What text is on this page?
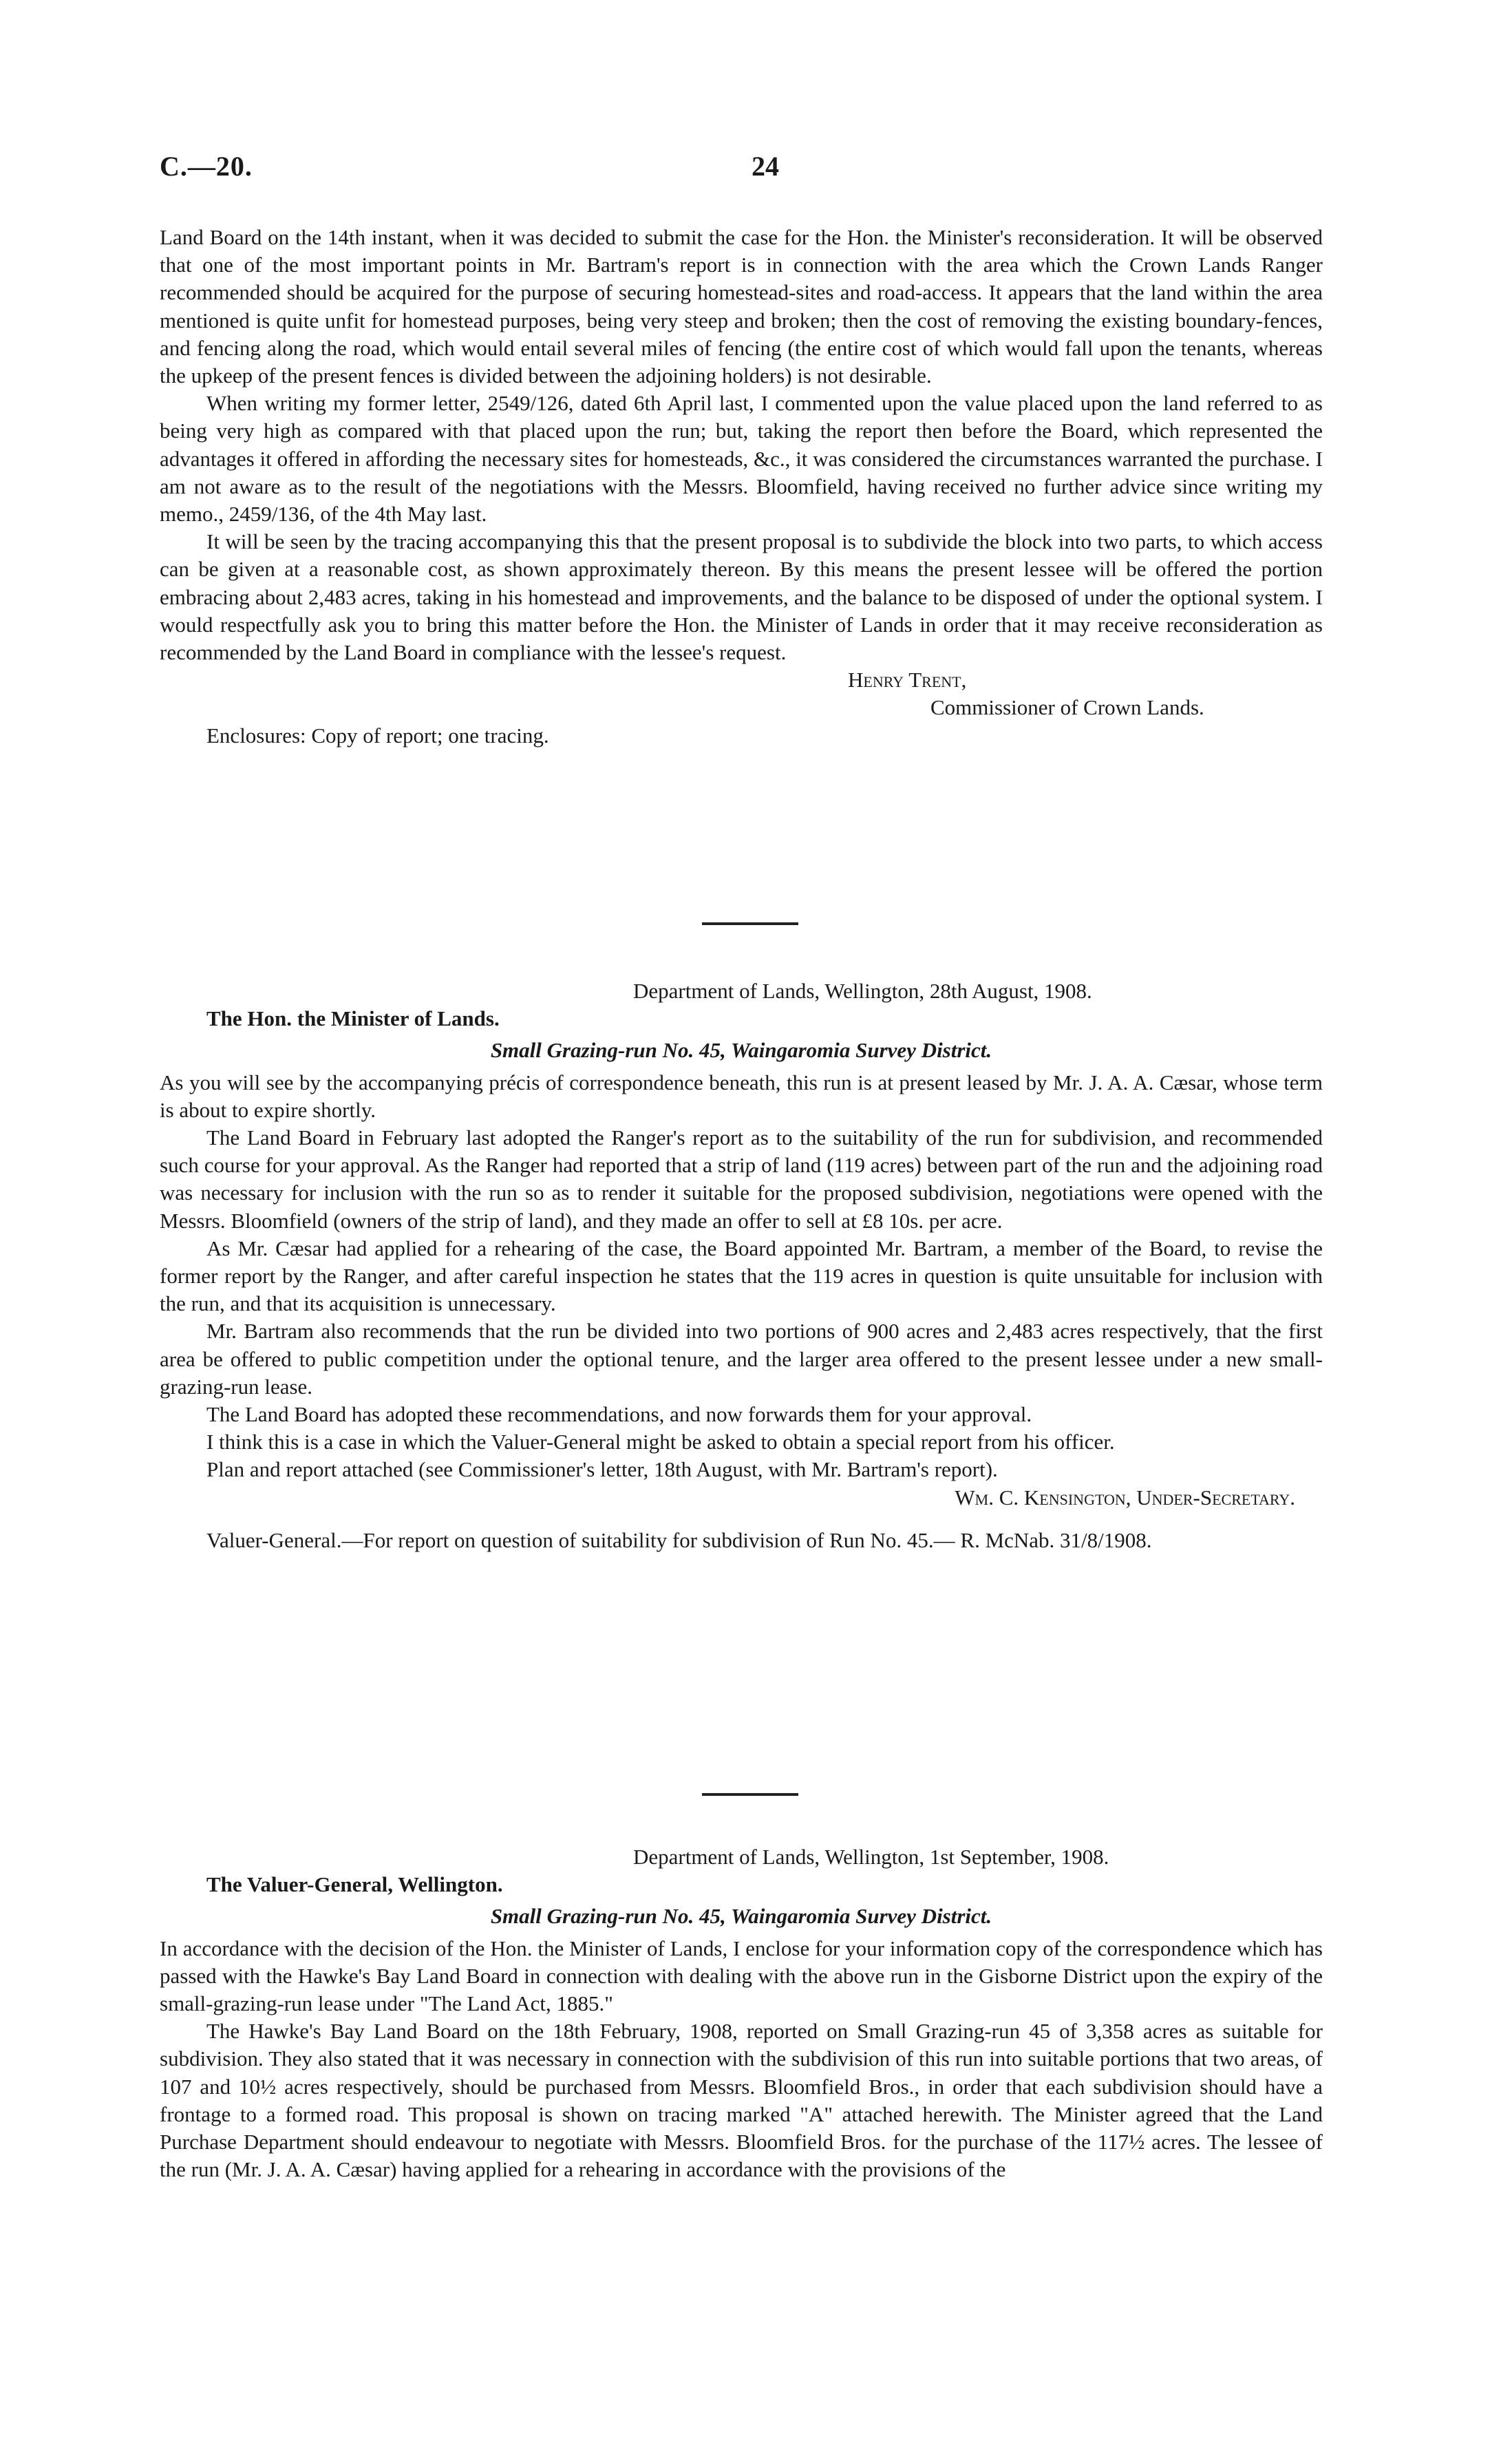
C.—20.	24

Land Board on the 14th instant, when it was decided to submit the case for the Hon. the Minister's reconsideration. It will be observed that one of the most important points in Mr. Bartram's report is in connection with the area which the Crown Lands Ranger recommended should be acquired for the purpose of securing homestead-sites and road-access. It appears that the land within the area mentioned is quite unfit for homestead purposes, being very steep and broken; then the cost of removing the existing boundary-fences, and fencing along the road, which would entail several miles of fencing (the entire cost of which would fall upon the tenants, whereas the upkeep of the present fences is divided between the adjoining holders) is not desirable.

When writing my former letter, 2549/126, dated 6th April last, I commented upon the value placed upon the land referred to as being very high as compared with that placed upon the run; but, taking the report then before the Board, which represented the advantages it offered in affording the necessary sites for homesteads, &c., it was considered the circumstances warranted the purchase. I am not aware as to the result of the negotiations with the Messrs. Bloomfield, having received no further advice since writing my memo., 2459/136, of the 4th May last.

It will be seen by the tracing accompanying this that the present proposal is to subdivide the block into two parts, to which access can be given at a reasonable cost, as shown approximately thereon. By this means the present lessee will be offered the portion embracing about 2,483 acres, taking in his homestead and improvements, and the balance to be disposed of under the optional system. I would respectfully ask you to bring this matter before the Hon. the Minister of Lands in order that it may receive reconsideration as recommended by the Land Board in compliance with the lessee's request.

Henry Trent,
Commissioner of Crown Lands.

Enclosures: Copy of report; one tracing.

Department of Lands, Wellington, 28th August, 1908.

The Hon. the Minister of Lands.

Small Grazing-run No. 45, Waingaromia Survey District.

As you will see by the accompanying précis of correspondence beneath, this run is at present leased by Mr. J. A. A. Cæsar, whose term is about to expire shortly.

The Land Board in February last adopted the Ranger's report as to the suitability of the run for subdivision, and recommended such course for your approval. As the Ranger had reported that a strip of land (119 acres) between part of the run and the adjoining road was necessary for inclusion with the run so as to render it suitable for the proposed subdivision, negotiations were opened with the Messrs. Bloomfield (owners of the strip of land), and they made an offer to sell at £8 10s. per acre.

As Mr. Cæsar had applied for a rehearing of the case, the Board appointed Mr. Bartram, a member of the Board, to revise the former report by the Ranger, and after careful inspection he states that the 119 acres in question is quite unsuitable for inclusion with the run, and that its acquisition is unnecessary.

Mr. Bartram also recommends that the run be divided into two portions of 900 acres and 2,483 acres respectively, that the first area be offered to public competition under the optional tenure, and the larger area offered to the present lessee under a new small-grazing-run lease.

The Land Board has adopted these recommendations, and now forwards them for your approval.

I think this is a case in which the Valuer-General might be asked to obtain a special report from his officer.

Plan and report attached (see Commissioner's letter, 18th August, with Mr. Bartram's report).

Wm. C. Kensington, Under-Secretary.

Valuer-General.—For report on question of suitability for subdivision of Run No. 45.— R. McNab. 31/8/1908.

Department of Lands, Wellington, 1st September, 1908.

The Valuer-General, Wellington.

Small Grazing-run No. 45, Waingaromia Survey District.

In accordance with the decision of the Hon. the Minister of Lands, I enclose for your information copy of the correspondence which has passed with the Hawke's Bay Land Board in connection with dealing with the above run in the Gisborne District upon the expiry of the small-grazing-run lease under "The Land Act, 1885."

The Hawke's Bay Land Board on the 18th February, 1908, reported on Small Grazing-run 45 of 3,358 acres as suitable for subdivision. They also stated that it was necessary in connection with the subdivision of this run into suitable portions that two areas, of 107 and 10½ acres respectively, should be purchased from Messrs. Bloomfield Bros., in order that each subdivision should have a frontage to a formed road. This proposal is shown on tracing marked "A" attached herewith. The Minister agreed that the Land Purchase Department should endeavour to negotiate with Messrs. Bloomfield Bros. for the purchase of the 117½ acres. The lessee of the run (Mr. J. A. A. Cæsar) having applied for a rehearing in accordance with the provisions of the
